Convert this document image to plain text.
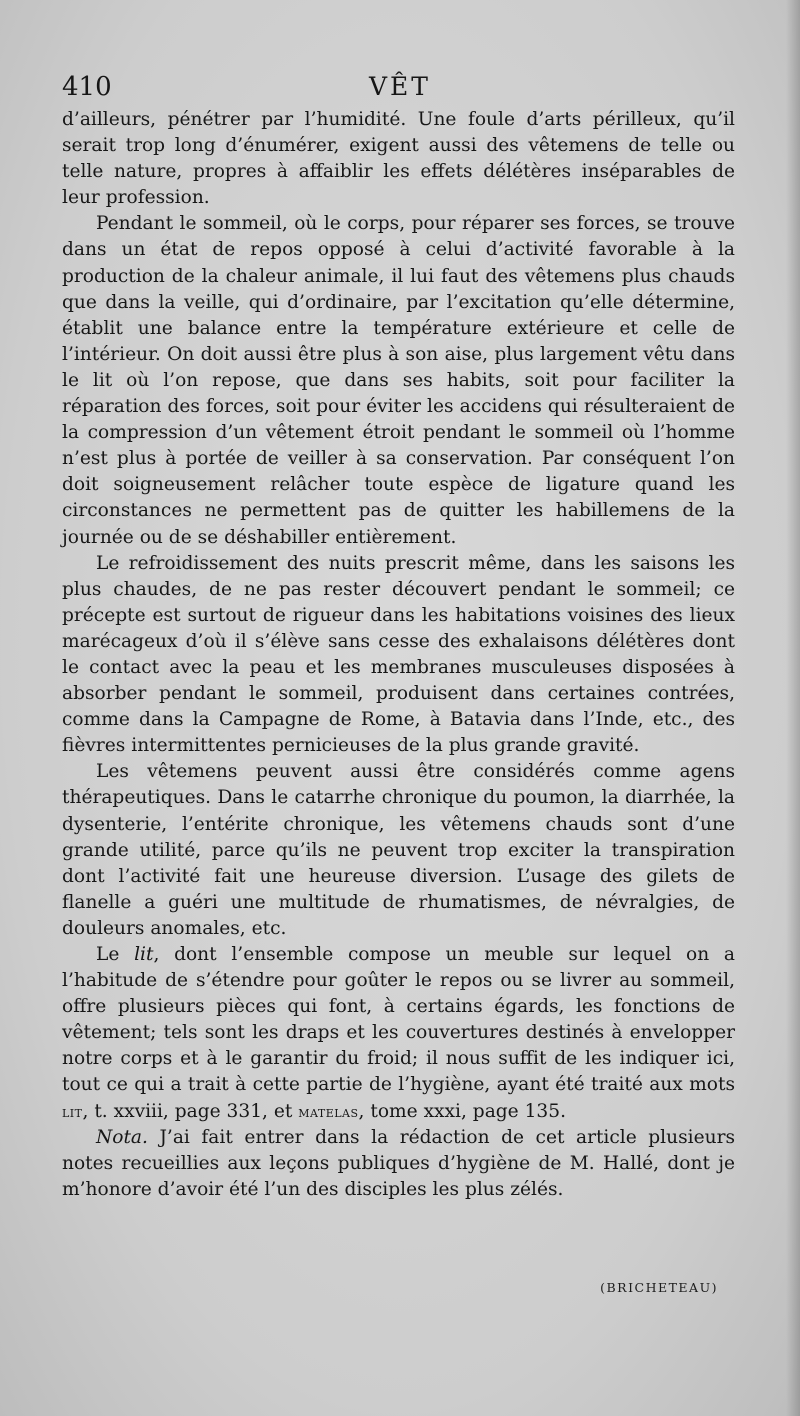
410	VÊT

d’ailleurs, pénétrer par l’humidité. Une foule d’arts périlleux, qu’il serait trop long d’énumérer, exigent aussi des vêtemens de telle ou telle nature, propres à affaiblir les effets délétères inséparables de leur profession.

Pendant le sommeil, où le corps, pour réparer ses forces, se trouve dans un état de repos opposé à celui d’activité favorable à la production de la chaleur animale, il lui faut des vêtemens plus chauds que dans la veille, qui d’ordinaire, par l’excitation qu’elle détermine, établit une balance entre la température extérieure et celle de l’intérieur. On doit aussi être plus à son aise, plus largement vêtu dans le lit où l’on repose, que dans ses habits, soit pour faciliter la réparation des forces, soit pour éviter les accidens qui résulteraient de la compression d’un vêtement étroit pendant le sommeil où l’homme n’est plus à portée de veiller à sa conservation. Par conséquent l’on doit soigneusement relâcher toute espèce de ligature quand les circonstances ne permettent pas de quitter les habillemens de la journée ou de se déshabiller entièrement.

Le refroidissement des nuits prescrit même, dans les saisons les plus chaudes, de ne pas rester découvert pendant le sommeil; ce précepte est surtout de rigueur dans les habitations voisines des lieux marécageux d’où il s’élève sans cesse des exhalaisons délétères dont le contact avec la peau et les membranes musculeuses disposées à absorber pendant le sommeil, produisent dans certaines contrées, comme dans la Campagne de Rome, à Batavia dans l’Inde, etc., des fièvres intermittentes pernicieuses de la plus grande gravité.

Les vêtemens peuvent aussi être considérés comme agens thérapeutiques. Dans le catarrhe chronique du poumon, la diarrhée, la dysenterie, l’entérite chronique, les vêtemens chauds sont d’une grande utilité, parce qu’ils ne peuvent trop exciter la transpiration dont l’activité fait une heureuse diversion. L’usage des gilets de flanelle a guéri une multitude de rhumatismes, de névralgies, de douleurs anomales, etc.

Le lit, dont l’ensemble compose un meuble sur lequel on a l’habitude de s’étendre pour goûter le repos ou se livrer au sommeil, offre plusieurs pièces qui font, à certains égards, les fonctions de vêtement; tels sont les draps et les couvertures destinés à envelopper notre corps et à le garantir du froid; il nous suffit de les indiquer ici, tout ce qui a trait à cette partie de l’hygiène, ayant été traité aux mots lit, t. xxviii, page 331, et matelas, tome xxxi, page 135.

Nota. J’ai fait entrer dans la rédaction de cet article plusieurs notes recueillies aux leçons publiques d’hygiène de M. Hallé, dont je m’honore d’avoir été l’un des disciples les plus zélés.

(BRICHETEAU)
